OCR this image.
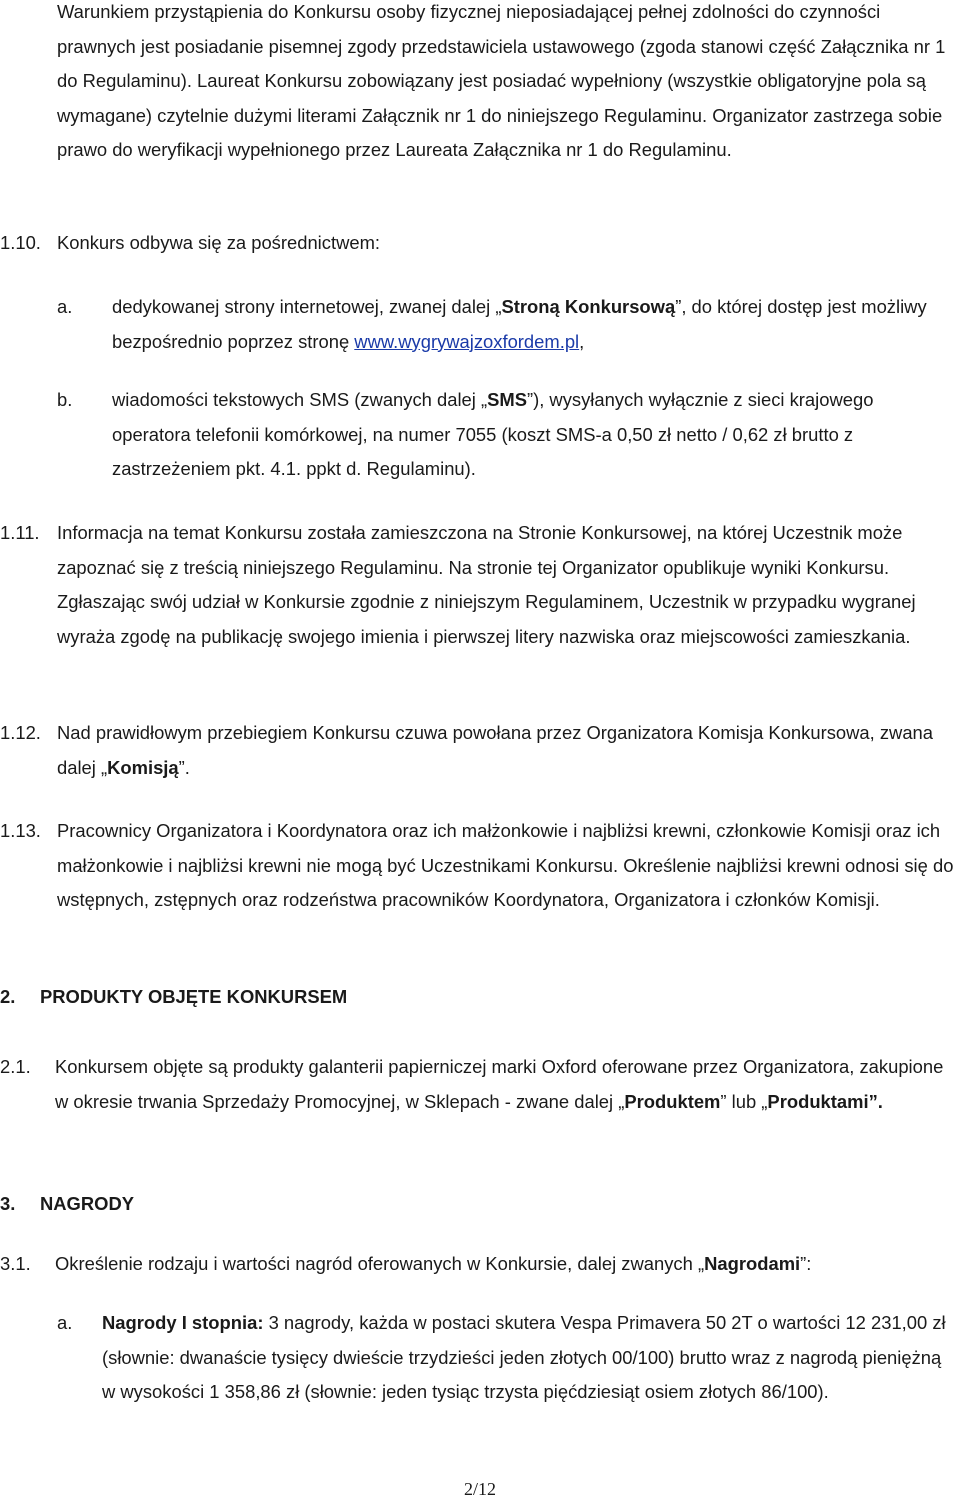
Warunkiem przystąpienia do Konkursu osoby fizycznej nieposiadającej pełnej zdolności do czynności prawnych jest posiadanie pisemnej zgody przedstawiciela ustawowego (zgoda stanowi część Załącznika nr 1 do Regulaminu). Laureat Konkursu zobowiązany jest posiadać wypełniony (wszystkie obligatoryjne pola są wymagane) czytelnie dużymi literami Załącznik nr 1 do niniejszego Regulaminu. Organizator zastrzega sobie prawo do weryfikacji wypełnionego przez Laureata Załącznika nr 1 do Regulaminu.

1.10. Konkurs odbywa się za pośrednictwem:
a.	dedykowanej strony internetowej, zwanej dalej „Stroną Konkursową”, do której dostęp jest możliwy bezpośrednio poprzez stronę www.wygrywajzoxfordem.pl,
b.	wiadomości tekstowych SMS (zwanych dalej „SMS”), wysyłanych wyłącznie z sieci krajowego operatora telefonii komórkowej, na numer 7055 (koszt SMS-a 0,50 zł netto / 0,62 zł brutto z zastrzeżeniem pkt. 4.1. ppkt d. Regulaminu).
1.11. Informacja na temat Konkursu została zamieszczona na Stronie Konkursowej, na której Uczestnik może zapoznać się z treścią niniejszego Regulaminu. Na stronie tej Organizator opublikuje wyniki Konkursu. Zgłaszając swój udział w Konkursie zgodnie z niniejszym Regulaminem, Uczestnik w przypadku wygranej wyraża zgodę na publikację swojego imienia i pierwszej litery nazwiska oraz miejscowości zamieszkania.
1.12. Nad prawidłowym przebiegiem Konkursu czuwa powołana przez Organizatora Komisja Konkursowa, zwana dalej „Komisją”.
1.13. Pracownicy Organizatora i Koordynatora oraz ich małżonkowie i najbliżsi krewni, członkowie Komisji oraz ich małżonkowie i najbliżsi krewni nie mogą być Uczestnikami Konkursu. Określenie najbliżsi krewni odnosi się do wstępnych, zstępnych oraz rodzeństwa pracowników Koordynatora, Organizatora i członków Komisji.
2. PRODUKTY OBJĘTE KONKURSEM
2.1.	Konkursem objęte są produkty galanterii papierniczej marki Oxford oferowane przez Organizatora, zakupione w okresie trwania Sprzedaży Promocyjnej, w Sklepach - zwane dalej „Produktem” lub „Produktami”.
3. NAGRODY
3.1.	Określenie rodzaju i wartości nagród oferowanych w Konkursie, dalej zwanych „Nagrodami”:
a.	Nagrody I stopnia: 3 nagrody, każda w postaci skutera Vespa Primavera 50 2T o wartości 12 231,00 zł (słownie: dwanaście tysięcy dwieście trzydzieści jeden złotych 00/100) brutto wraz z nagrodą pieniężną w wysokości 1 358,86 zł (słownie: jeden tysiąc trzysta pięćdziesiąt osiem złotych 86/100).
2/12
